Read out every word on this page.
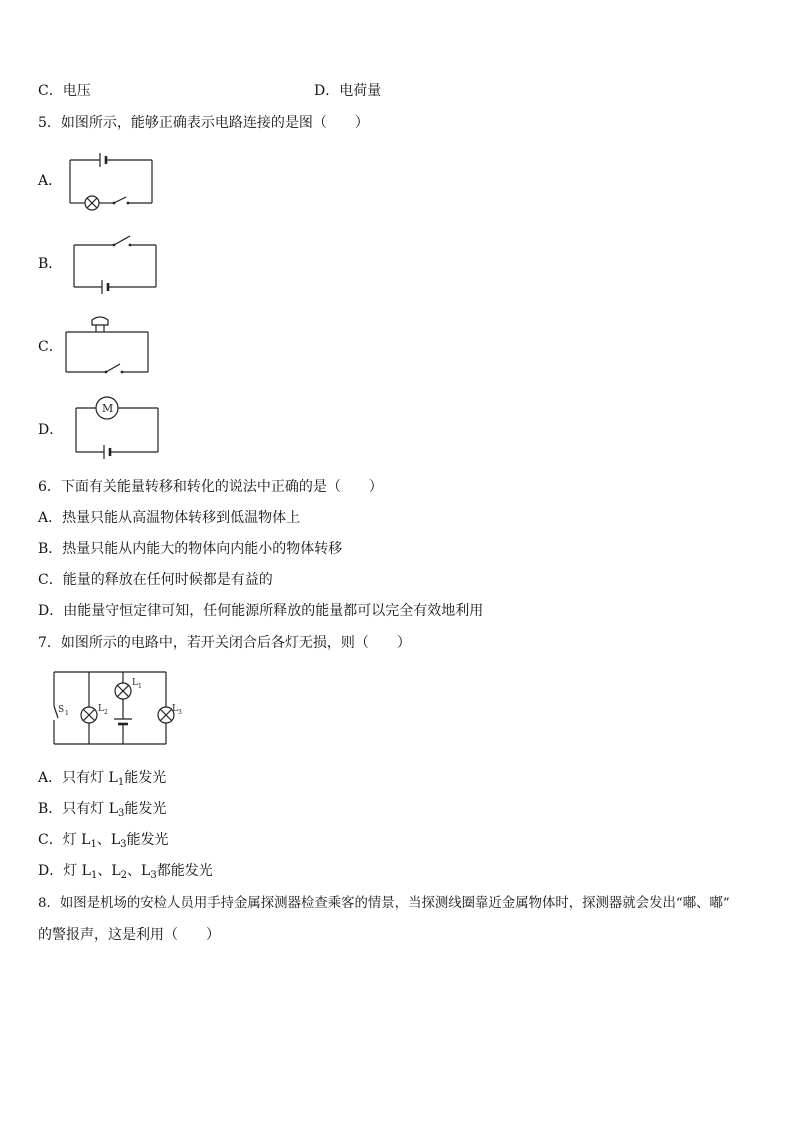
C．电压	D．电荷量
5．如图所示，能够正确表示电路连接的是图（　　）
A．
B．
C．
D．
M
6．下面有关能量转移和转化的说法中正确的是（　　）
A．热量只能从高温物体转移到低温物体上
B．热量只能从内能大的物体向内能小的物体转移
C．能量的释放在任何时候都是有益的
D．由能量守恒定律可知，任何能源所释放的能量都可以完全有效地利用
7．如图所示的电路中，若开关闭合后各灯无损，则（　　）
S 1	L 2
L 1
L 3
A．只有灯 $L_1$能发光
B．只有灯 $L_3$能发光
C．灯 $L_1$、$L_3$能发光
D．灯 $L_1$、$L_2$、$L_3$都能发光
8．如图是机场的安检人员用手持金属探测器检查乘客的情景，当探测线圈靠近金属物体时，探测器就会发出“嘟、嘟”
的警报声，这是利用（　　）
